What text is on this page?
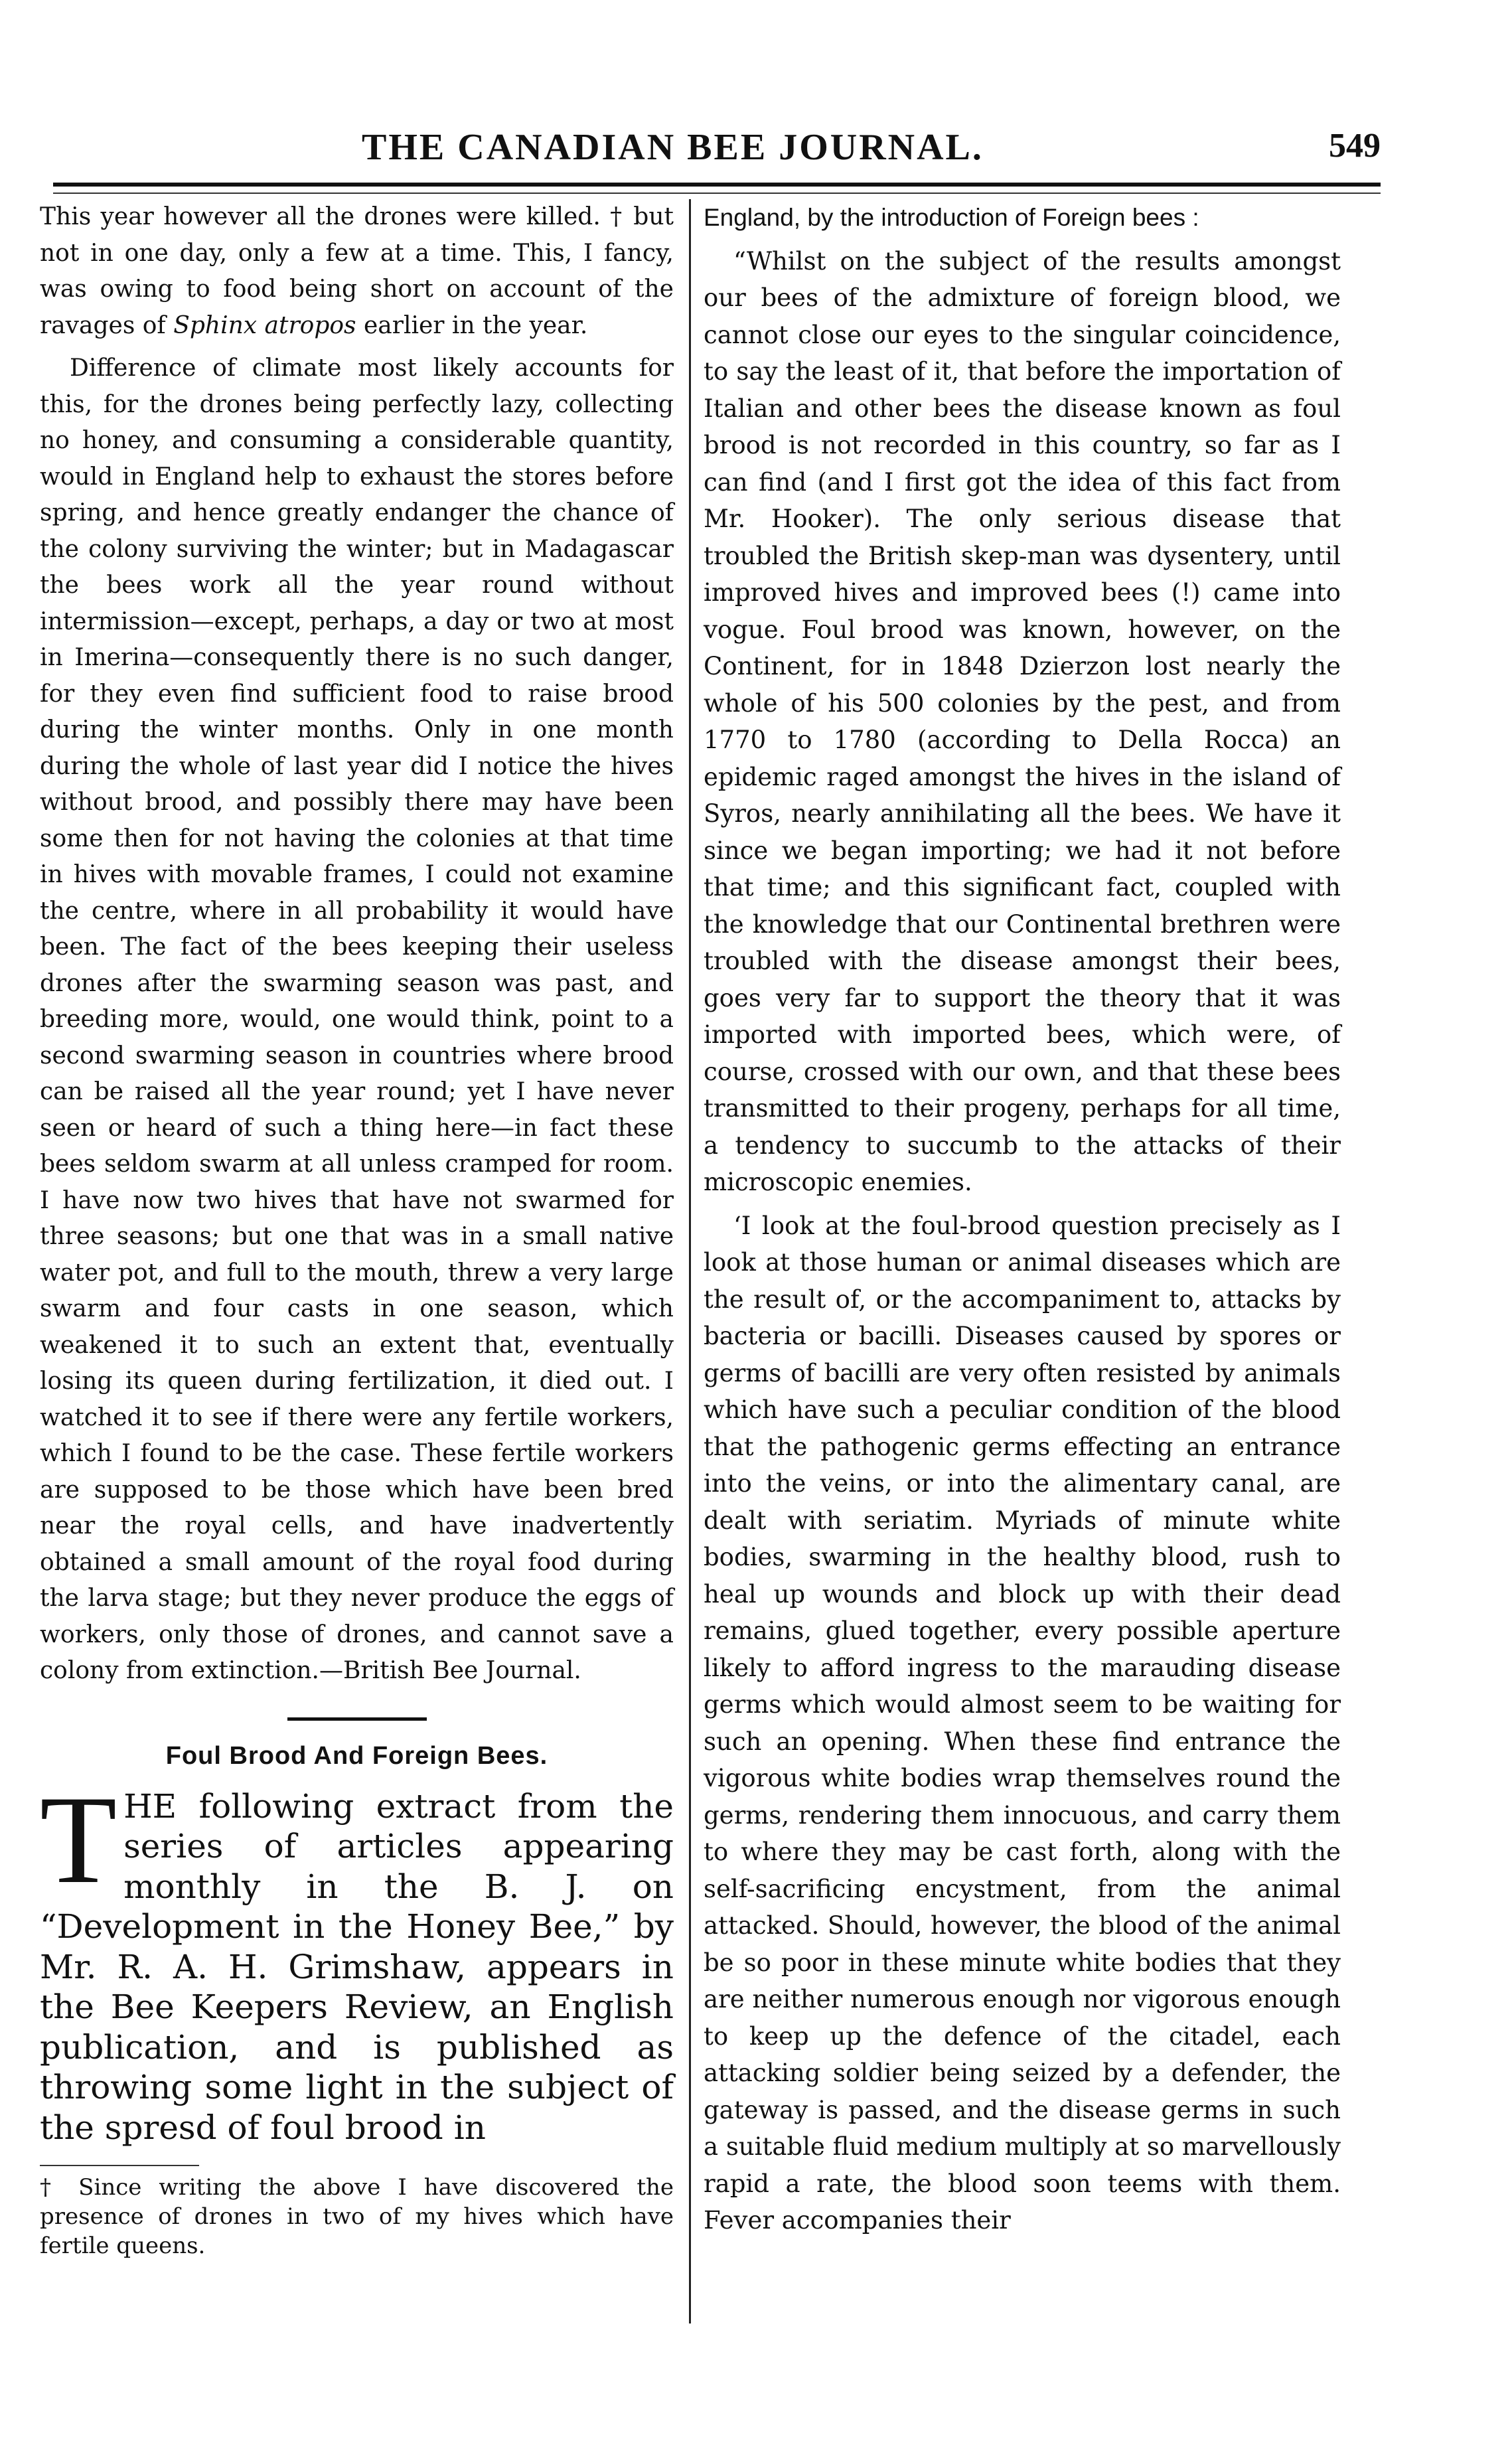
THE CANADIAN BEE JOURNAL.	549

This year however all the drones were killed. † but not in one day, only a few at a time. This, I fancy, was owing to food being short on account of the ravages of Sphinx atropos earlier in the year.

Difference of climate most likely accounts for this, for the drones being perfectly lazy, collecting no honey, and consuming a considerable quantity, would in England help to exhaust the stores before spring, and hence greatly endanger the chance of the colony surviving the winter; but in Madagascar the bees work all the year round without intermission—except, perhaps, a day or two at most in Imerina—consequently there is no such danger, for they even find sufficient food to raise brood during the winter months. Only in one month during the whole of last year did I notice the hives without brood, and possibly there may have been some then for not having the colonies at that time in hives with movable frames, I could not examine the centre, where in all probability it would have been. The fact of the bees keeping their useless drones after the swarming season was past, and breeding more, would, one would think, point to a second swarming season in countries where brood can be raised all the year round; yet I have never seen or heard of such a thing here—in fact these bees seldom swarm at all unless cramped for room. I have now two hives that have not swarmed for three seasons; but one that was in a small native water pot, and full to the mouth, threw a very large swarm and four casts in one season, which weakened it to such an extent that, eventually losing its queen during fertilization, it died out. I watched it to see if there were any fertile workers, which I found to be the case. These fertile workers are supposed to be those which have been bred near the royal cells, and have inadvertently obtained a small amount of the royal food during the larva stage; but they never produce the eggs of workers, only those of drones, and cannot save a colony from extinction.—British Bee Journal.

Foul Brood And Foreign Bees.

THE following extract from the series of articles appearing monthly in the B. J. on “Development in the Honey Bee,” by Mr. R. A. H. Grimshaw, appears in the Bee Keepers Review, an English publication, and is published as throwing some light in the subject of the spresd of foul brood in

† Since writing the above I have discovered the presence of drones in two of my hives which have fertile queens.

England, by the introduction of Foreign bees :

“Whilst on the subject of the results amongst our bees of the admixture of foreign blood, we cannot close our eyes to the singular coincidence, to say the least of it, that before the importation of Italian and other bees the disease known as foul brood is not recorded in this country, so far as I can find (and I first got the idea of this fact from Mr. Hooker). The only serious disease that troubled the British skep-man was dysentery, until improved hives and improved bees (!) came into vogue. Foul brood was known, however, on the Continent, for in 1848 Dzierzon lost nearly the whole of his 500 colonies by the pest, and from 1770 to 1780 (according to Della Rocca) an epidemic raged amongst the hives in the island of Syros, nearly annihilating all the bees. We have it since we began importing; we had it not before that time; and this significant fact, coupled with the knowledge that our Continental brethren were troubled with the disease amongst their bees, goes very far to support the theory that it was imported with imported bees, which were, of course, crossed with our own, and that these bees transmitted to their progeny, perhaps for all time, a tendency to succumb to the attacks of their microscopic enemies.

‘I look at the foul-brood question precisely as I look at those human or animal diseases which are the result of, or the accompaniment to, attacks by bacteria or bacilli. Diseases caused by spores or germs of bacilli are very often resisted by animals which have such a peculiar condition of the blood that the pathogenic germs effecting an entrance into the veins, or into the alimentary canal, are dealt with seriatim. Myriads of minute white bodies, swarming in the healthy blood, rush to heal up wounds and block up with their dead remains, glued together, every possible aperture likely to afford ingress to the marauding disease germs which would almost seem to be waiting for such an opening. When these find entrance the vigorous white bodies wrap themselves round the germs, rendering them innocuous, and carry them to where they may be cast forth, along with the self-sacrificing encystment, from the animal attacked. Should, however, the blood of the animal be so poor in these minute white bodies that they are neither numerous enough nor vigorous enough to keep up the defence of the citadel, each attacking soldier being seized by a defender, the gateway is passed, and the disease germs in such a suitable fluid medium multiply at so marvellously rapid a rate, the blood soon teems with them. Fever accompanies their
